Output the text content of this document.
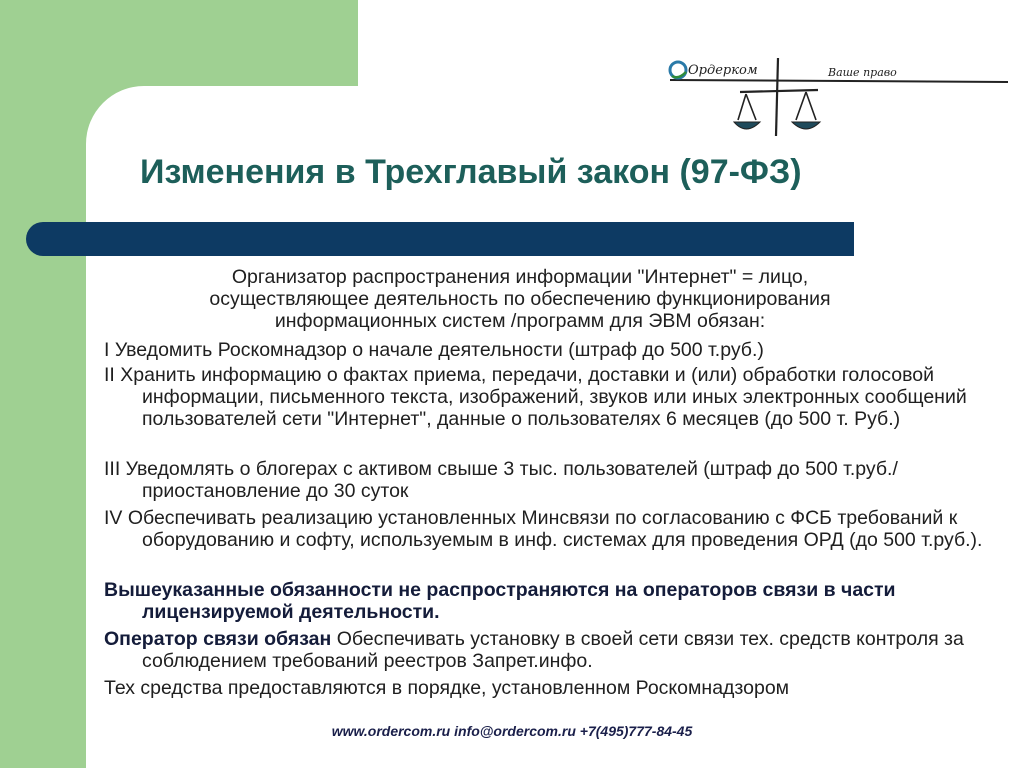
Ордерком	Ваше право
Изменения в Трехглавый закон (97-ФЗ)
Организатор распространения информации "Интернет" = лицо,
осуществляющее деятельность по обеспечению функционирования
информационных систем /программ для ЭВМ обязан:
I Уведомить Роскомнадзор о начале деятельности (штраф до 500 т.руб.)
II Хранить информацию о фактах приема, передачи, доставки и (или) обработки голосовой информации, письменного текста, изображений, звуков или иных электронных сообщений пользователей сети "Интернет", данные о пользователях 6 месяцев (до 500 т. Руб.)
III Уведомлять о блогерах с активом свыше 3 тыс. пользователей (штраф до 500 т.руб./приостановление до 30 суток
IV Обеспечивать реализацию установленных Минсвязи по согласованию с ФСБ требований к оборудованию и софту, используемым в инф. системах для проведения ОРД (до 500 т.руб.).
Вышеуказанные обязанности не распространяются на операторов связи в части лицензируемой деятельности.
Оператор связи обязан Обеспечивать установку в своей сети связи тех. средств контроля за соблюдением требований реестров Запрет.инфо.
Тех средства предоставляются в порядке, установленном Роскомнадзором
www.ordercom.ru info@ordercom.ru +7(495)777-84-45
